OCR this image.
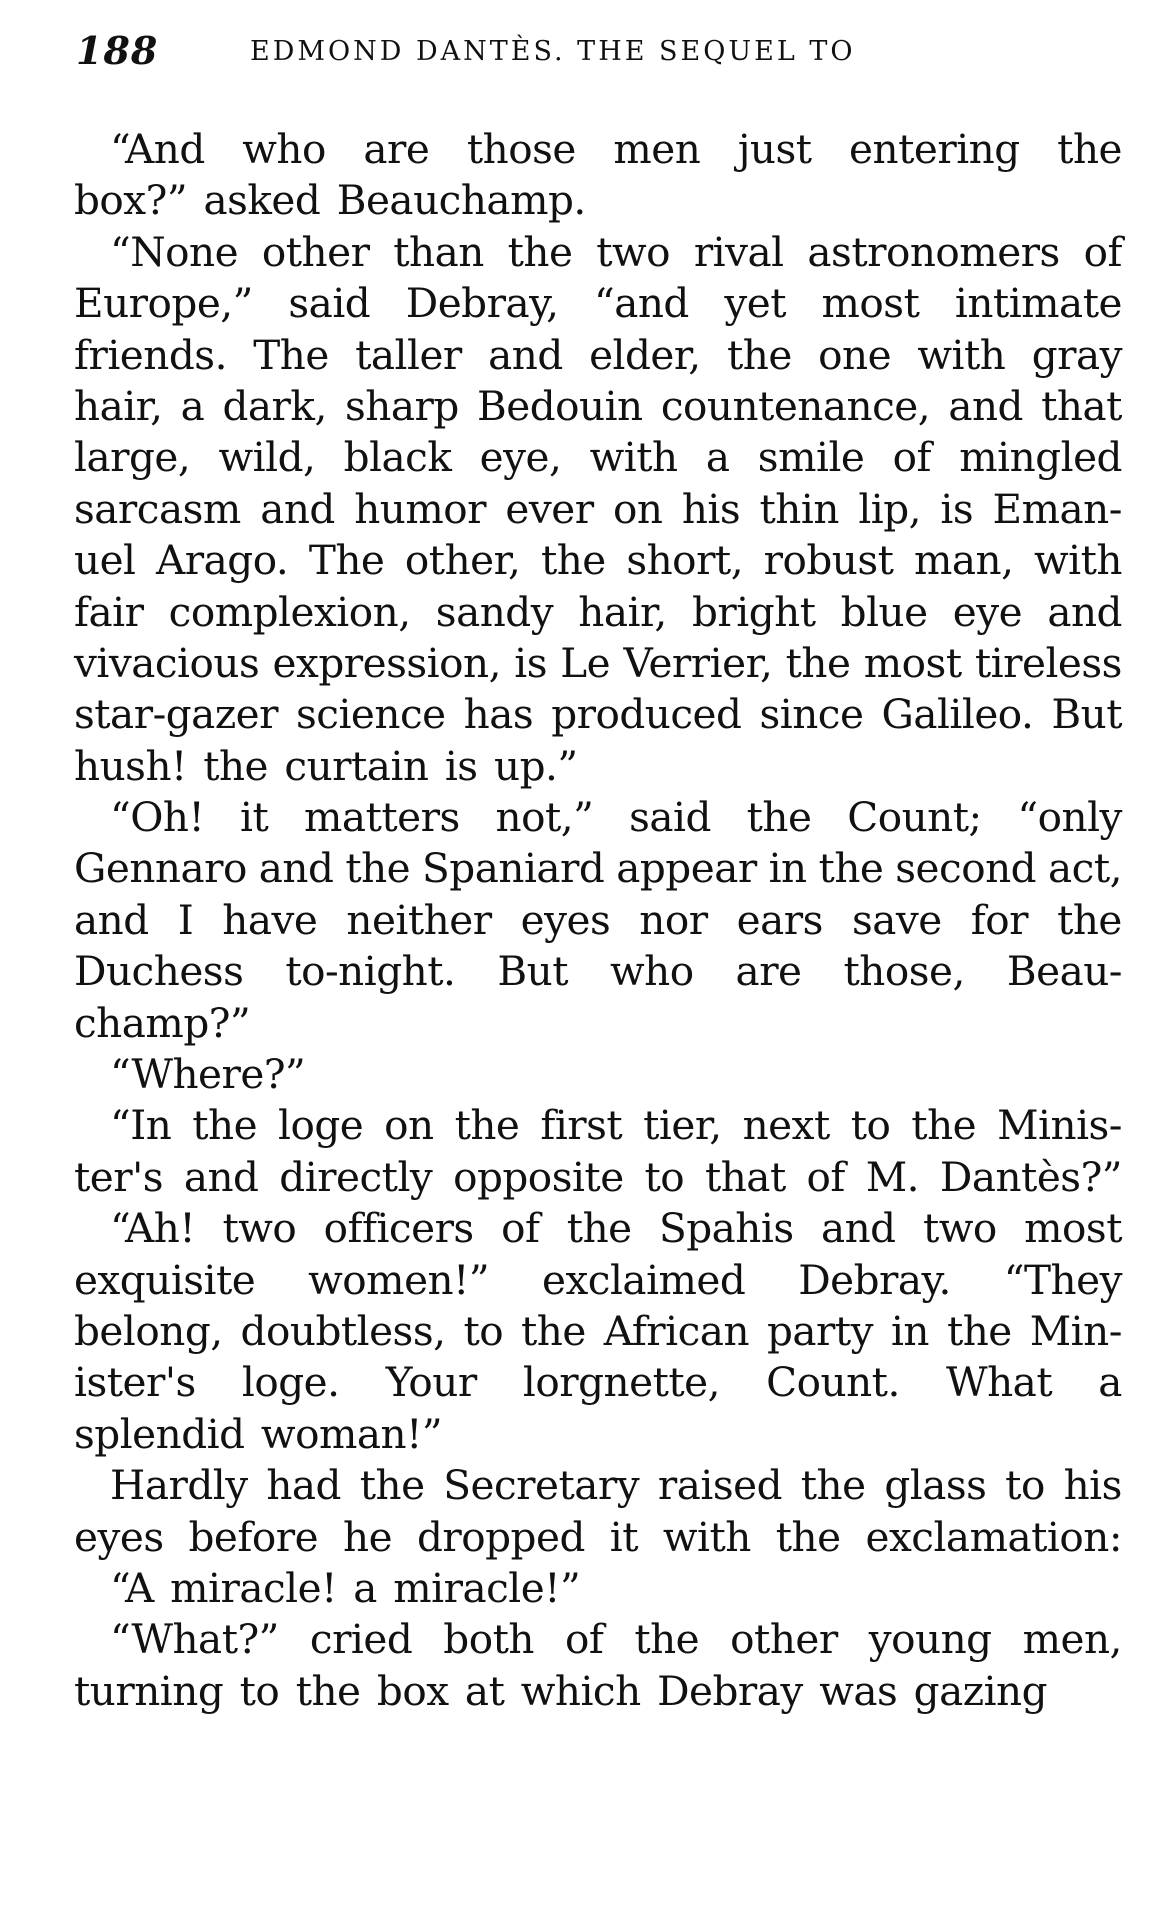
188	EDMOND DANTÈS. THE SEQUEL TO
“And who are those men just entering the
box?” asked Beauchamp.
“None other than the two rival astronomers of
Europe,” said Debray, “and yet most intimate
friends. The taller and elder, the one with gray
hair, a dark, sharp Bedouin countenance, and that
large, wild, black eye, with a smile of mingled
sarcasm and humor ever on his thin lip, is Eman-
uel Arago. The other, the short, robust man, with
fair complexion, sandy hair, bright blue eye and
vivacious expression, is Le Verrier, the most tireless
star-gazer science has produced since Galileo. But
hush! the curtain is up.”
“Oh! it matters not,” said the Count; “only
Gennaro and the Spaniard appear in the second act,
and I have neither eyes nor ears save for the
Duchess to-night. But who are those, Beau-
champ?”
“Where?”
“In the loge on the first tier, next to the Minis-
ter's and directly opposite to that of M. Dantès?”
“Ah! two officers of the Spahis and two most
exquisite women!” exclaimed Debray. “They
belong, doubtless, to the African party in the Min-
ister's loge. Your lorgnette, Count. What a
splendid woman!”
Hardly had the Secretary raised the glass to his
eyes before he dropped it with the exclamation:
“A miracle! a miracle!”
“What?” cried both of the other young men,
turning to the box at which Debray was gazing
